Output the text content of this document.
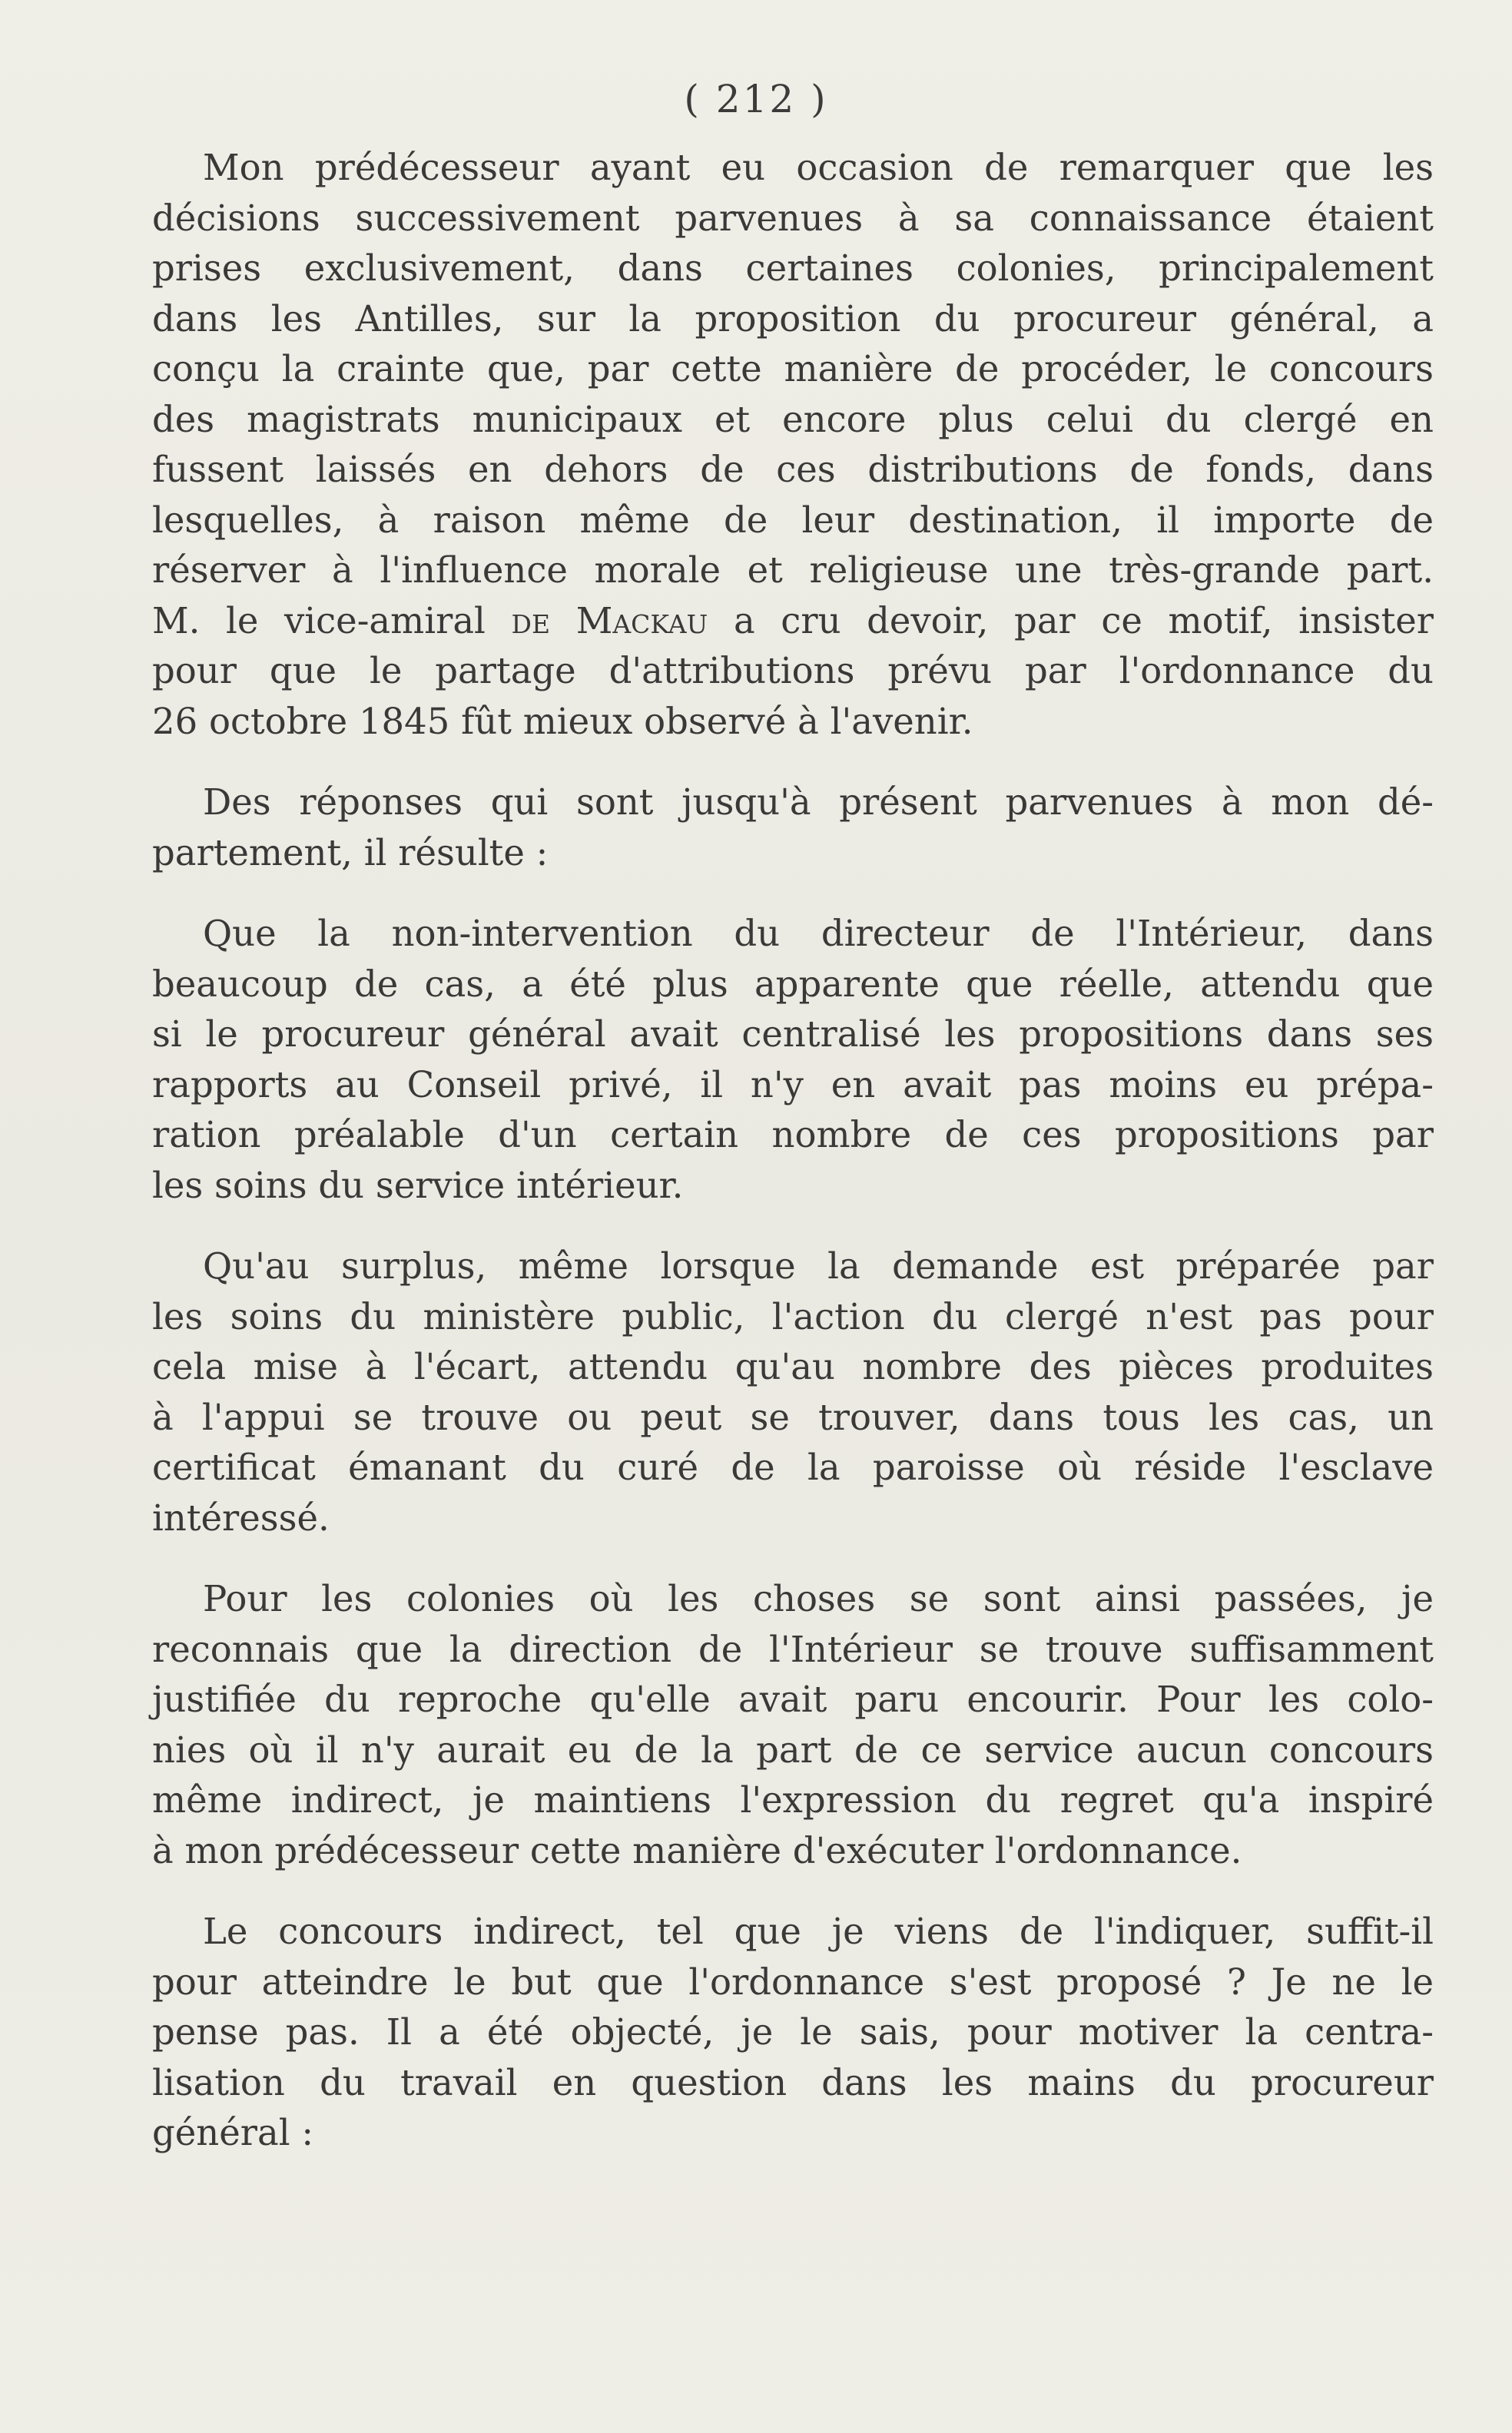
( 212 )
Mon prédécesseur ayant eu occasion de remarquer que les
décisions successivement parvenues à sa connaissance étaient
prises exclusivement, dans certaines colonies, principalement
dans les Antilles, sur la proposition du procureur général, a
conçu la crainte que, par cette manière de procéder, le concours
des magistrats municipaux et encore plus celui du clergé en
fussent laissés en dehors de ces distributions de fonds, dans
lesquelles, à raison même de leur destination, il importe de
réserver à l'influence morale et religieuse une très-grande part.
M. le vice-amiral de Mackau a cru devoir, par ce motif, insister
pour que le partage d'attributions prévu par l'ordonnance du
26 octobre 1845 fût mieux observé à l'avenir.
Des réponses qui sont jusqu'à présent parvenues à mon dé-
partement, il résulte :
Que la non-intervention du directeur de l'Intérieur, dans
beaucoup de cas, a été plus apparente que réelle, attendu que
si le procureur général avait centralisé les propositions dans ses
rapports au Conseil privé, il n'y en avait pas moins eu prépa-
ration préalable d'un certain nombre de ces propositions par
les soins du service intérieur.
Qu'au surplus, même lorsque la demande est préparée par
les soins du ministère public, l'action du clergé n'est pas pour
cela mise à l'écart, attendu qu'au nombre des pièces produites
à l'appui se trouve ou peut se trouver, dans tous les cas, un
certificat émanant du curé de la paroisse où réside l'esclave
intéressé.
Pour les colonies où les choses se sont ainsi passées, je
reconnais que la direction de l'Intérieur se trouve suffisamment
justifiée du reproche qu'elle avait paru encourir. Pour les colo-
nies où il n'y aurait eu de la part de ce service aucun concours
même indirect, je maintiens l'expression du regret qu'a inspiré
à mon prédécesseur cette manière d'exécuter l'ordonnance.
Le concours indirect, tel que je viens de l'indiquer, suffit-il
pour atteindre le but que l'ordonnance s'est proposé ? Je ne le
pense pas. Il a été objecté, je le sais, pour motiver la centra-
lisation du travail en question dans les mains du procureur
général :
